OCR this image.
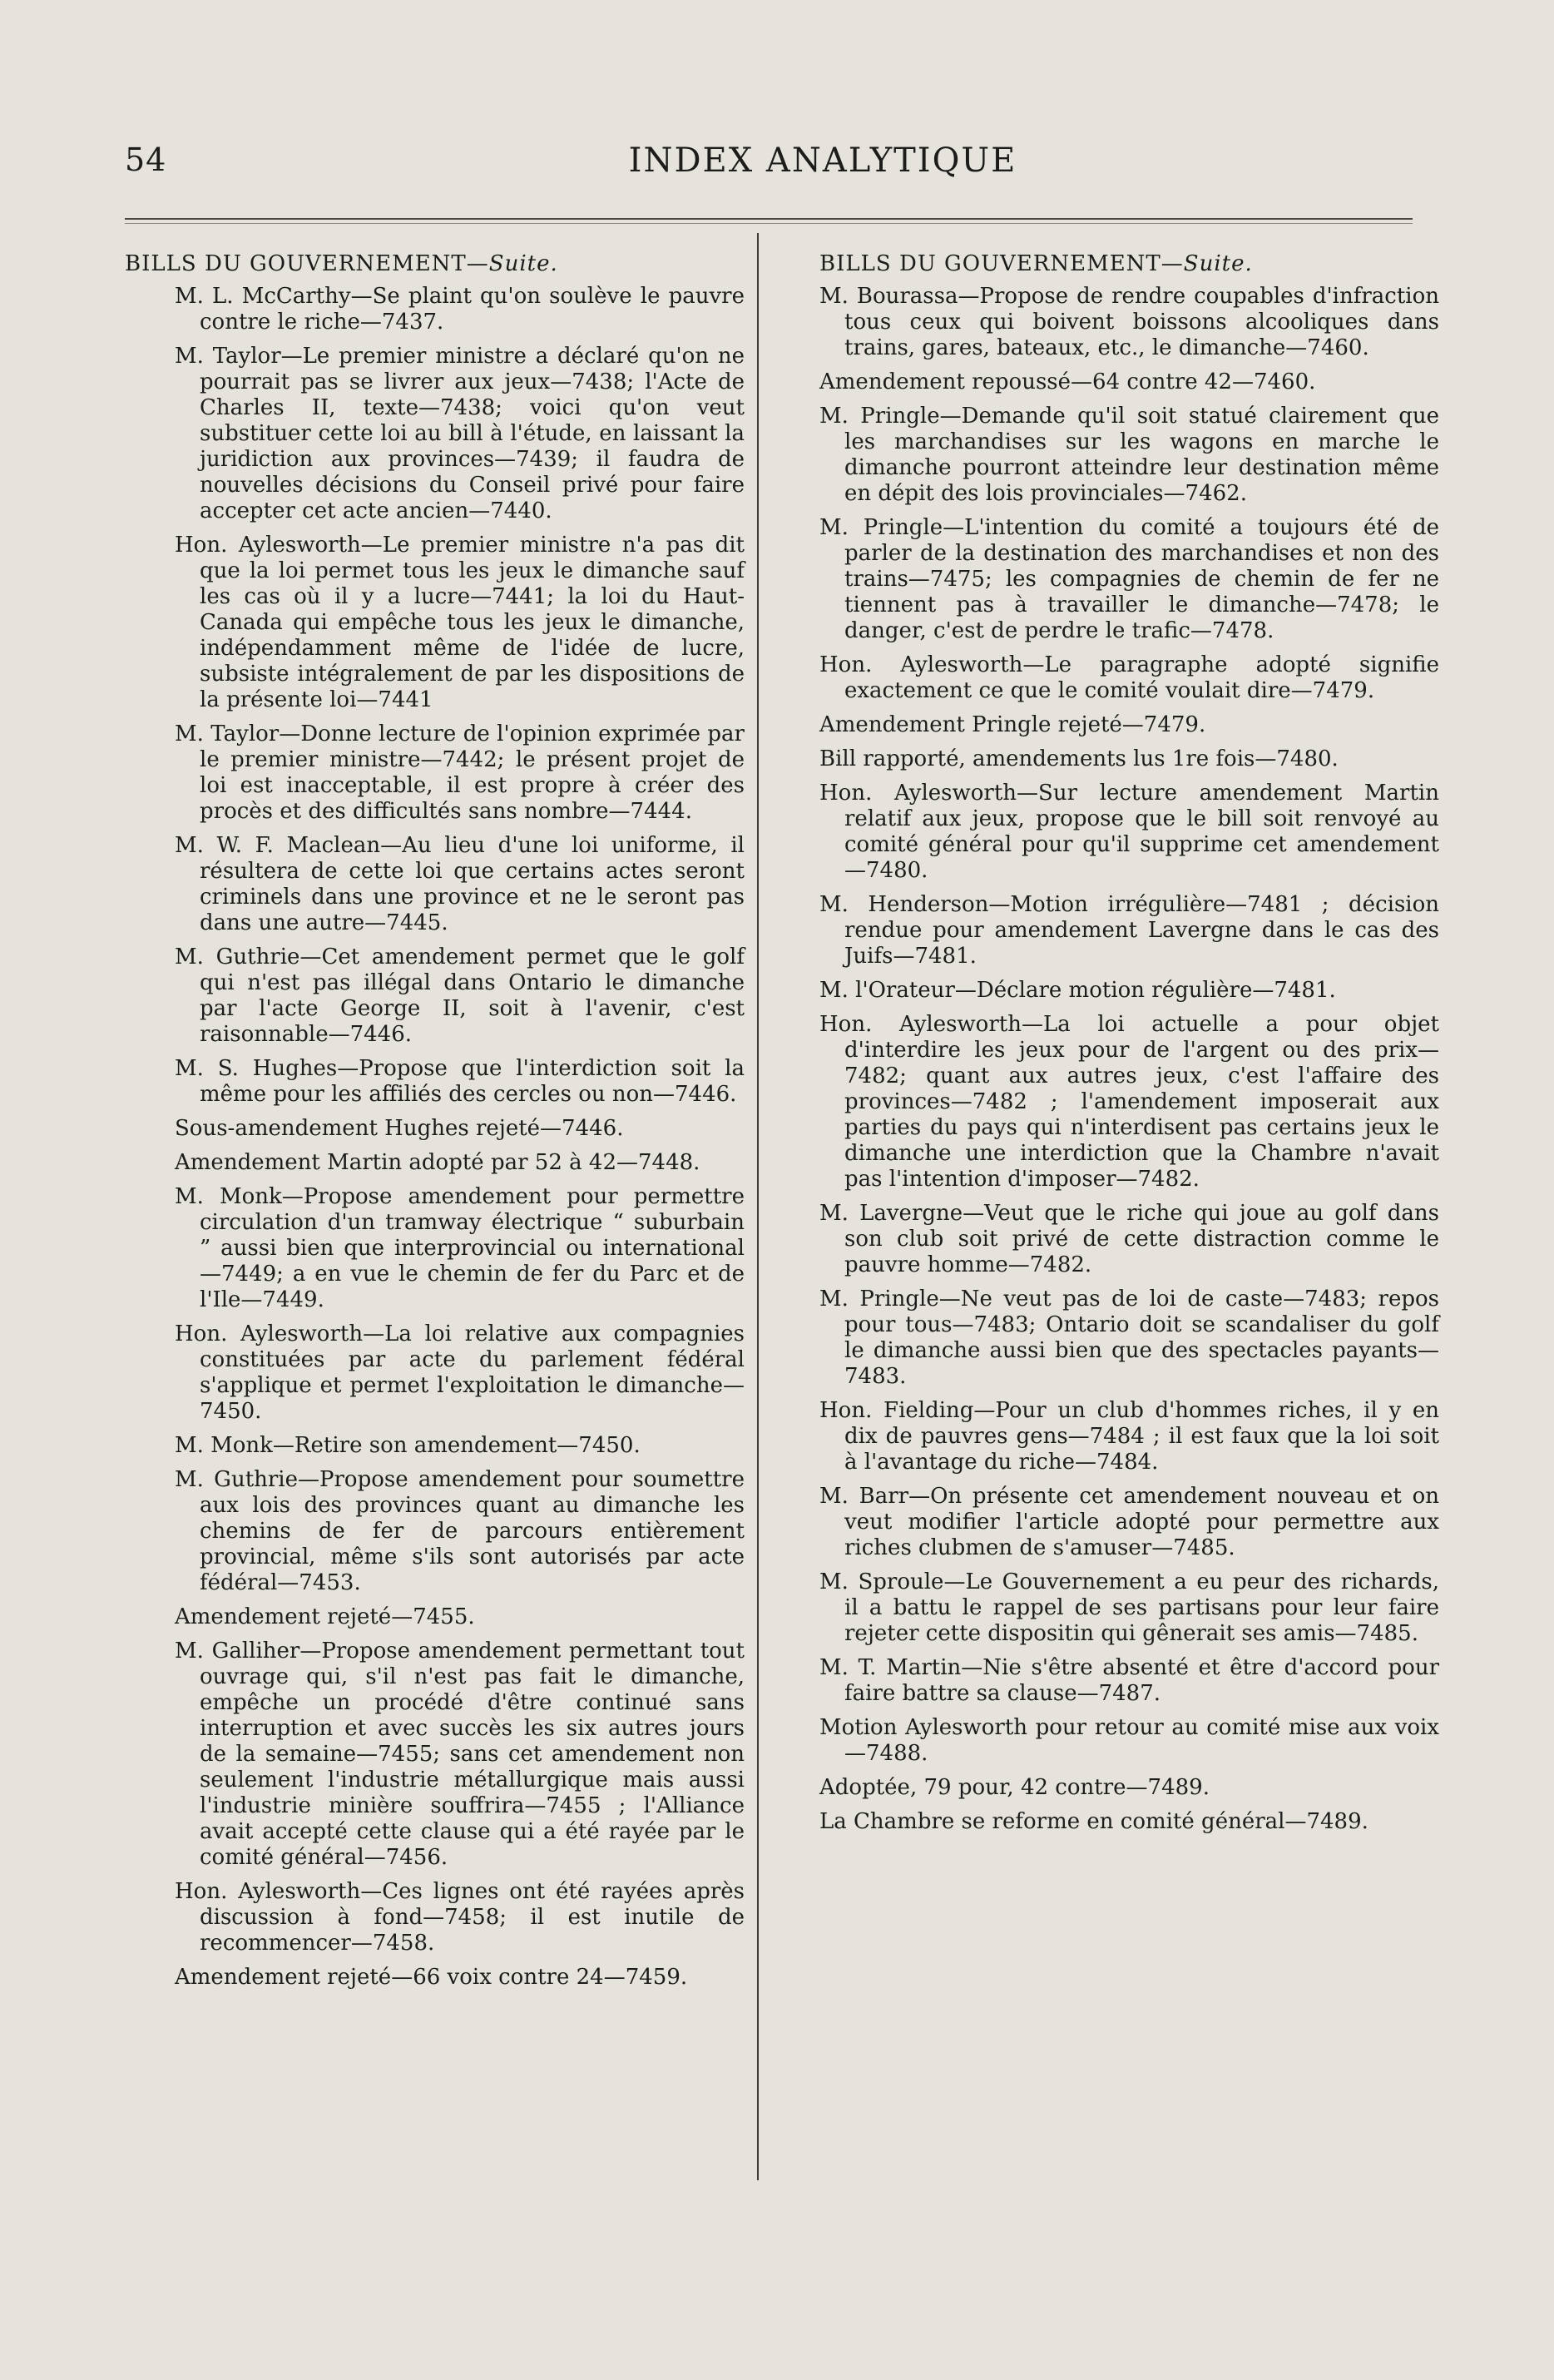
54	INDEX ANALYTIQUE

BILLS DU GOUVERNEMENT—Suite.

M. L. McCarthy—Se plaint qu'on soulève le pauvre contre le riche—7437.

M. Taylor—Le premier ministre a déclaré qu'on ne pourrait pas se livrer aux jeux—7438; l'Acte de Charles II, texte—7438; voici qu'on veut substituer cette loi au bill à l'étude, en laissant la juridiction aux provinces—7439; il faudra de nouvelles décisions du Conseil privé pour faire accepter cet acte ancien—7440.

Hon. Aylesworth—Le premier ministre n'a pas dit que la loi permet tous les jeux le dimanche sauf les cas où il y a lucre—7441; la loi du Haut-Canada qui empêche tous les jeux le dimanche, indépendamment même de l'idée de lucre, subsiste intégralement de par les dispositions de la présente loi—7441

M. Taylor—Donne lecture de l'opinion exprimée par le premier ministre—7442; le présent projet de loi est inacceptable, il est propre à créer des procès et des difficultés sans nombre—7444.

M. W. F. Maclean—Au lieu d'une loi uniforme, il résultera de cette loi que certains actes seront criminels dans une province et ne le seront pas dans une autre—7445.

M. Guthrie—Cet amendement permet que le golf qui n'est pas illégal dans Ontario le dimanche par l'acte George II, soit à l'avenir, c'est raisonnable—7446.

M. S. Hughes—Propose que l'interdiction soit la même pour les affiliés des cercles ou non—7446.

Sous-amendement Hughes rejeté—7446.

Amendement Martin adopté par 52 à 42—7448.

M. Monk—Propose amendement pour permettre circulation d'un tramway électrique “ suburbain ” aussi bien que interprovincial ou international—7449; a en vue le chemin de fer du Parc et de l'Ile—7449.

Hon. Aylesworth—La loi relative aux compagnies constituées par acte du parlement fédéral s'applique et permet l'exploitation le dimanche—7450.

M. Monk—Retire son amendement—7450.

M. Guthrie—Propose amendement pour soumettre aux lois des provinces quant au dimanche les chemins de fer de parcours entièrement provincial, même s'ils sont autorisés par acte fédéral—7453.

Amendement rejeté—7455.

M. Galliher—Propose amendement permettant tout ouvrage qui, s'il n'est pas fait le dimanche, empêche un procédé d'être continué sans interruption et avec succès les six autres jours de la semaine—7455; sans cet amendement non seulement l'industrie métallurgique mais aussi l'industrie minière souffrira—7455 ; l'Alliance avait accepté cette clause qui a été rayée par le comité général—7456.

Hon. Aylesworth—Ces lignes ont été rayées après discussion à fond—7458; il est inutile de recommencer—7458.

Amendement rejeté—66 voix contre 24—7459.

BILLS DU GOUVERNEMENT—Suite.

M. Bourassa—Propose de rendre coupables d'infraction tous ceux qui boivent boissons alcooliques dans trains, gares, bateaux, etc., le dimanche—7460.

Amendement repoussé—64 contre 42—7460.

M. Pringle—Demande qu'il soit statué clairement que les marchandises sur les wagons en marche le dimanche pourront atteindre leur destination même en dépit des lois provinciales—7462.

M. Pringle—L'intention du comité a toujours été de parler de la destination des marchandises et non des trains—7475; les compagnies de chemin de fer ne tiennent pas à travailler le dimanche—7478; le danger, c'est de perdre le trafic—7478.

Hon. Aylesworth—Le paragraphe adopté signifie exactement ce que le comité voulait dire—7479.

Amendement Pringle rejeté—7479.

Bill rapporté, amendements lus 1re fois—7480.

Hon. Aylesworth—Sur lecture amendement Martin relatif aux jeux, propose que le bill soit renvoyé au comité général pour qu'il supprime cet amendement—7480.

M. Henderson—Motion irrégulière—7481 ; décision rendue pour amendement Lavergne dans le cas des Juifs—7481.

M. l'Orateur—Déclare motion régulière—7481.

Hon. Aylesworth—La loi actuelle a pour objet d'interdire les jeux pour de l'argent ou des prix—7482; quant aux autres jeux, c'est l'affaire des provinces—7482 ; l'amendement imposerait aux parties du pays qui n'interdisent pas certains jeux le dimanche une interdiction que la Chambre n'avait pas l'intention d'imposer—7482.

M. Lavergne—Veut que le riche qui joue au golf dans son club soit privé de cette distraction comme le pauvre homme—7482.

M. Pringle—Ne veut pas de loi de caste—7483; repos pour tous—7483; Ontario doit se scandaliser du golf le dimanche aussi bien que des spectacles payants—7483.

Hon. Fielding—Pour un club d'hommes riches, il y en dix de pauvres gens—7484 ; il est faux que la loi soit à l'avantage du riche—7484.

M. Barr—On présente cet amendement nouveau et on veut modifier l'article adopté pour permettre aux riches clubmen de s'amuser—7485.

M. Sproule—Le Gouvernement a eu peur des richards, il a battu le rappel de ses partisans pour leur faire rejeter cette dispositin qui gênerait ses amis—7485.

M. T. Martin—Nie s'être absenté et être d'accord pour faire battre sa clause—7487.

Motion Aylesworth pour retour au comité mise aux voix—7488.

Adoptée, 79 pour, 42 contre—7489.

La Chambre se reforme en comité général—7489.
